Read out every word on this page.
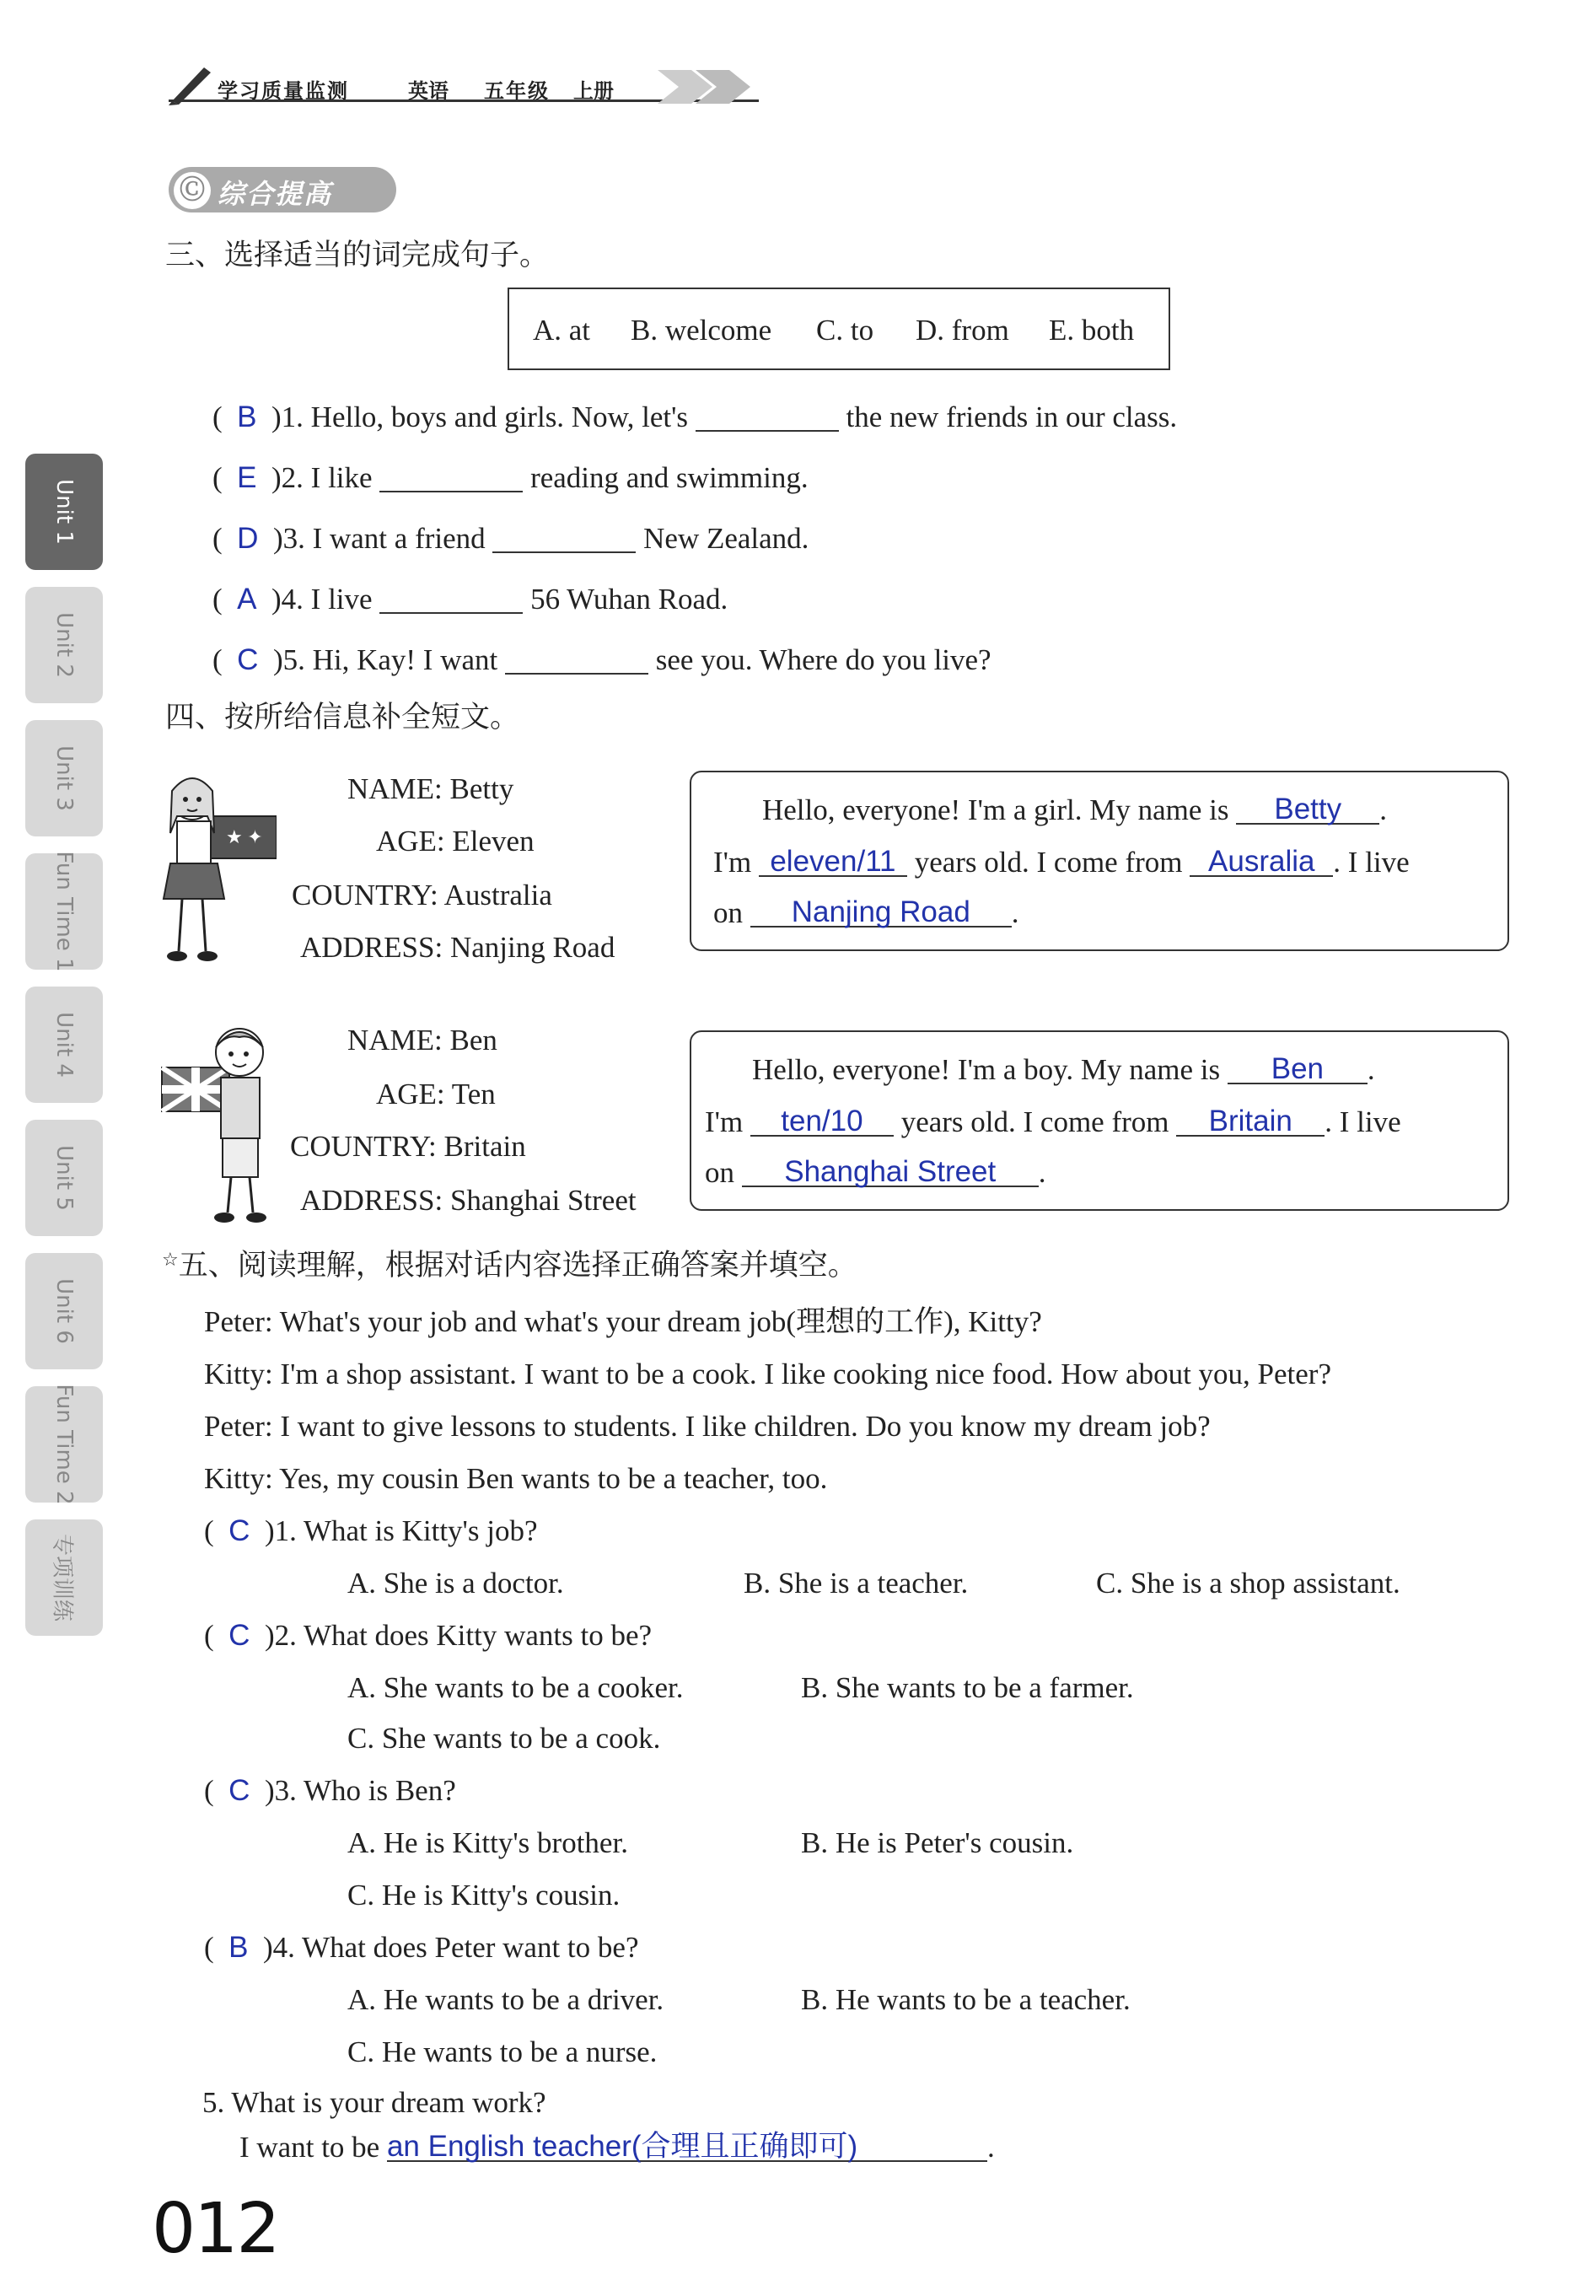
学习质量监测	英语 五年级 上册
Ⓒ 综合提高
Unit 1
Unit 2
Unit 3
Fun Time 1
Unit 4
Unit 5
Unit 6
Fun Time 2
专项训练
三、选择适当的词完成句子。
A. at B. welcome C. to D. from E. both
( B )1. Hello, boys and girls. Now, let's	the new friends in our class.
( E )2. I like	reading and swimming.
( D )3. I want a friend	New Zealand.
( A )4. I live	56 Wuhan Road.
( C )5. Hi, Kay! I want	see you. Where do you live?
四、按所给信息补全短文。
★ ✦
NAME: Betty
AGE: Eleven
COUNTRY: Australia
ADDRESS: Nanjing Road
Hello, everyone! I'm a girl. My name is Betty .
I'm eleven/11 years old. I come from Ausralia . I live
on Nanjing Road .
NAME: Ben
AGE: Ten
COUNTRY: Britain
ADDRESS: Shanghai Street
Hello, everyone! I'm a boy. My name is Ben .
I'm ten/10 years old. I come from Britain . I live
on Shanghai Street .
☆五、阅读理解，根据对话内容选择正确答案并填空。
Peter: What's your job and what's your dream job(理想的工作), Kitty?
Kitty: I'm a shop assistant. I want to be a cook. I like cooking nice food. How about you, Peter?
Peter: I want to give lessons to students. I like children. Do you know my dream job?
Kitty: Yes, my cousin Ben wants to be a teacher, too.
( C )1. What is Kitty's job?
A. She is a doctor.	B. She is a teacher.	C. She is a shop assistant.
( C )2. What does Kitty wants to be?
A. She wants to be a cooker.	B. She wants to be a farmer.
C. She wants to be a cook.
( C )3. Who is Ben?
A. He is Kitty's brother.	B. He is Peter's cousin.
C. He is Kitty's cousin.
( B )4. What does Peter want to be?
A. He wants to be a driver.	B. He wants to be a teacher.
C. He wants to be a nurse.
5. What is your dream work?
I want to be an English teacher(合理且正确即可)	.
012
